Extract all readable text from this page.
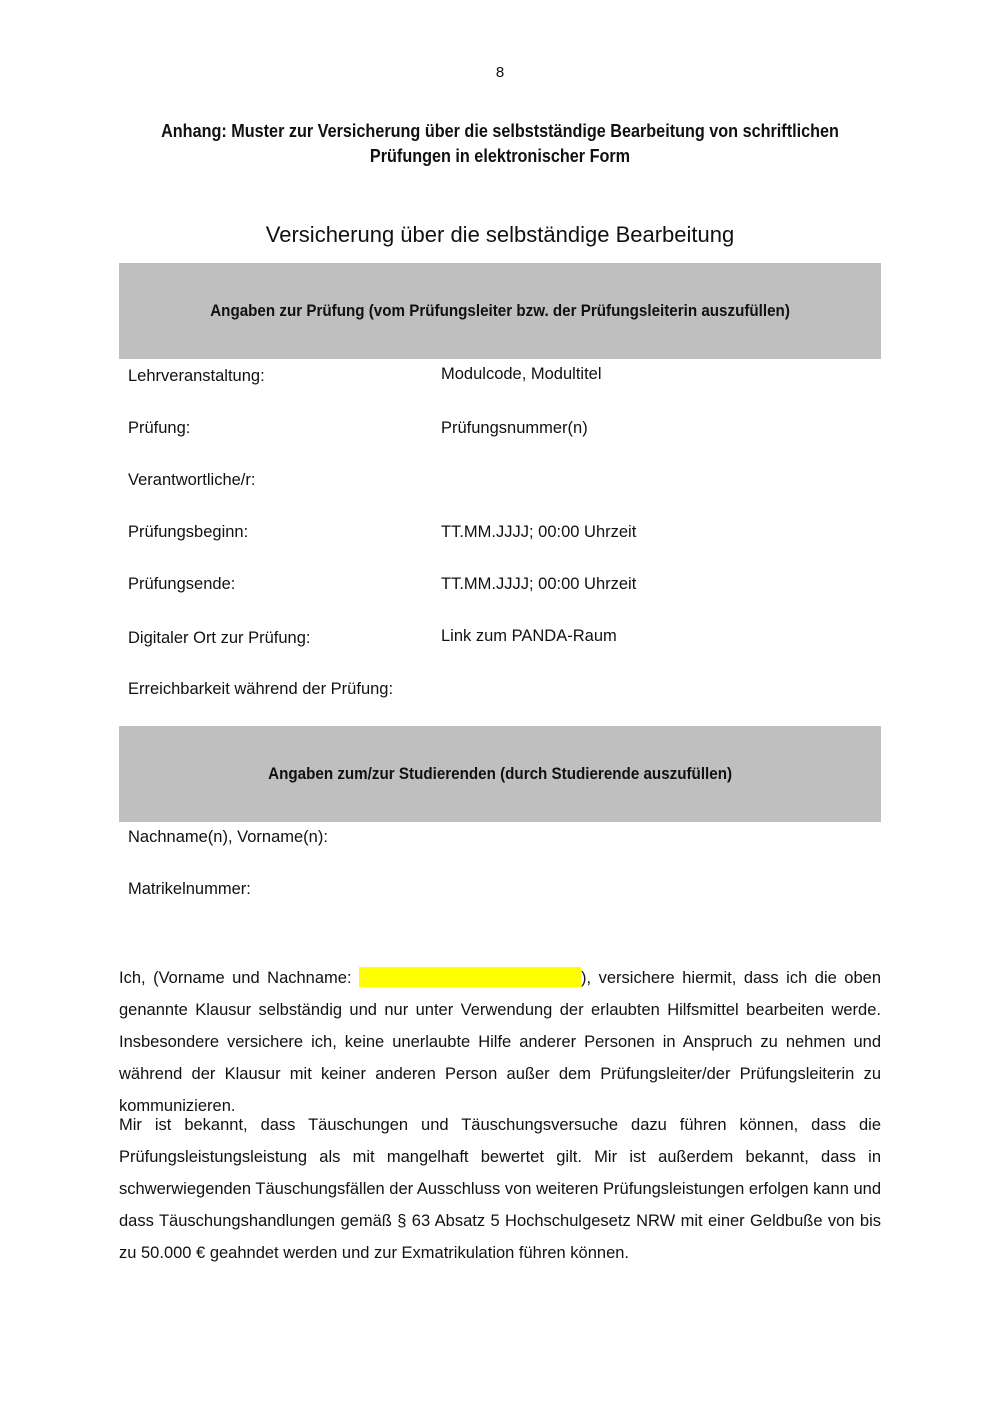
8
Anhang: Muster zur Versicherung über die selbstständige Bearbeitung von schriftlichen Prüfungen in elektronischer Form
Versicherung über die selbständige Bearbeitung
Angaben zur Prüfung (vom Prüfungsleiter bzw. der Prüfungsleiterin auszufüllen)
Lehrveranstaltung:	Modulcode, Modultitel
Prüfung:	Prüfungsnummer(n)
Verantwortliche/r:
Prüfungsbeginn:	TT.MM.JJJJ; 00:00 Uhrzeit
Prüfungsende:	TT.MM.JJJJ; 00:00 Uhrzeit
Digitaler Ort zur Prüfung:	Link zum PANDA-Raum
Erreichbarkeit während der Prüfung:
Angaben zum/zur Studierenden (durch Studierende auszufüllen)
Nachname(n), Vorname(n):
Matrikelnummer:
Ich, (Vorname und Nachname:	), versichere hiermit, dass ich die oben genannte Klausur selbständig und nur unter Verwendung der erlaubten Hilfsmittel bearbeiten werde. Insbesondere versichere ich, keine unerlaubte Hilfe anderer Personen in Anspruch zu nehmen und während der Klausur mit keiner anderen Person außer dem Prüfungsleiter/der Prüfungsleiterin zu kommunizieren.
Mir ist bekannt, dass Täuschungen und Täuschungsversuche dazu führen können, dass die Prüfungsleistungsleistung als mit mangelhaft bewertet gilt. Mir ist außerdem bekannt, dass in schwerwiegenden Täuschungsfällen der Ausschluss von weiteren Prüfungsleistungen erfolgen kann und dass Täuschungshandlungen gemäß § 63 Absatz 5 Hochschulgesetz NRW mit einer Geldbuße von bis zu 50.000 € geahndet werden und zur Exmatrikulation führen können.
